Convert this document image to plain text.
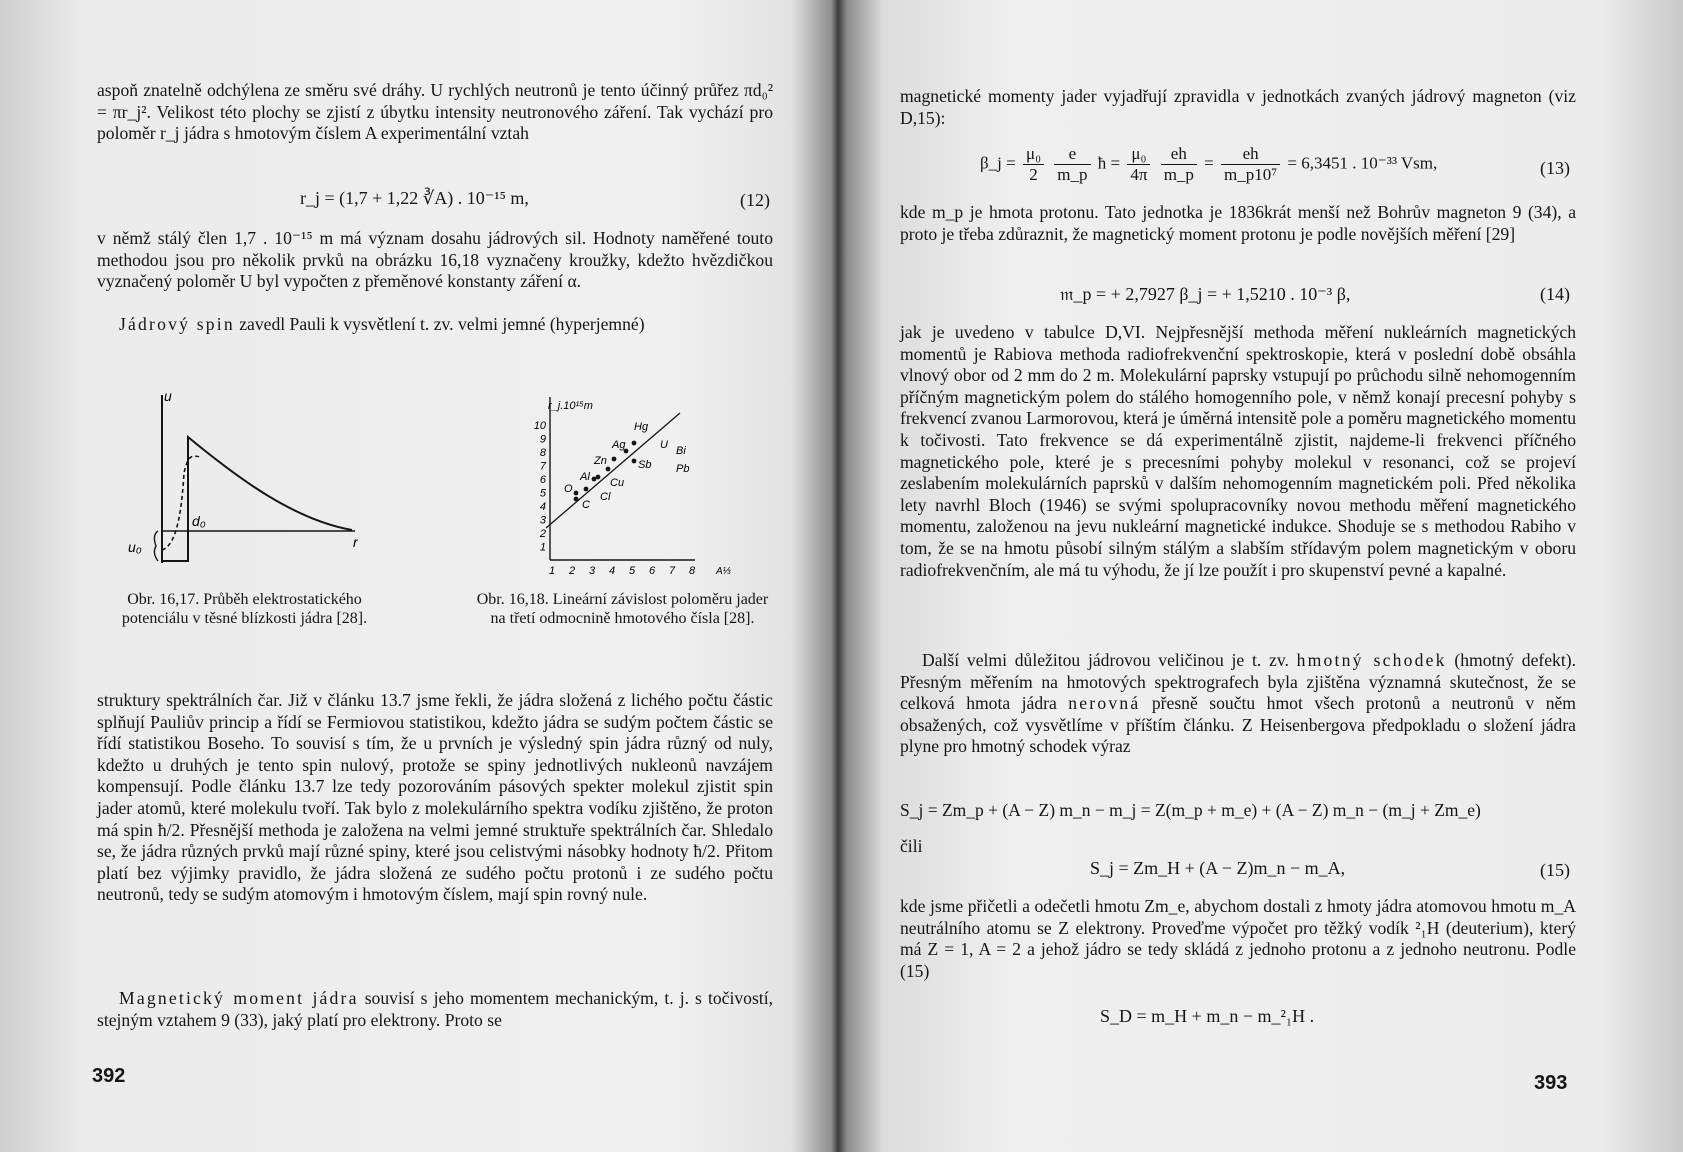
aspoň znatelně odchýlena ze směru své dráhy. U rychlých neutronů je tento účinný průřez πd₀² = πr_j². Velikost této plochy se zjistí z úbytku intensity neutronového záření. Tak vychází pro poloměr r_j jádra s hmotovým číslem A experimentální vztah
r_j = (1,7 + 1,22 ∛A) . 10⁻¹⁵ m,	(12)
v němž stálý člen 1,7 . 10⁻¹⁵ m má význam dosahu jádrových sil. Hodnoty naměřené touto methodou jsou pro několik prvků na obrázku 16,18 vyznačeny kroužky, kdežto hvězdičkou vyznačený poloměr U byl vypočten z přeměnové konstanty záření α.
Jádrový spin zavedl Pauli k vysvětlení t. zv. velmi jemné (hyperjemné)
u
u₀
d₀
r	1
2
3
4
5
6
7
8
9
10
1 2 3 4 5 6 7 8 A⅓
r_j.10¹⁵m
Hg
U Bi
Pb
Ag
Sb
Zn
Al Cu
O
Cl
C
Obr. 16,17. Průběh elektrostatického potenciálu v těsné blízkosti jádra [28].
Obr. 16,18. Lineární závislost poloměru jader na třetí odmocnině hmotového čísla [28].
struktury spektrálních čar. Již v článku 13.7 jsme řekli, že jádra složená z lichého počtu částic splňují Pauliův princip a řídí se Fermiovou statistikou, kdežto jádra se sudým počtem částic se řídí statistikou Boseho. To souvisí s tím, že u prvních je výsledný spin jádra různý od nuly, kdežto u druhých je tento spin nulový, protože se spiny jednotlivých nukleonů navzájem kompensují. Podle článku 13.7 lze tedy pozorováním pásových spekter molekul zjistit spin jader atomů, které molekulu tvoří. Tak bylo z molekulárního spektra vodíku zjištěno, že proton má spin ħ/2. Přesnější methoda je založena na velmi jemné struktuře spektrálních čar. Shledalo se, že jádra různých prvků mají různé spiny, které jsou celistvými násobky hodnoty ħ/2. Přitom platí bez výjimky pravidlo, že jádra složená ze sudého počtu protonů i ze sudého počtu neutronů, tedy se sudým atomovým i hmotovým číslem, mají spin rovný nule.
Magnetický moment jádra souvisí s jeho momentem mechanickým, t. j. s točivostí, stejným vztahem 9 (33), jaký platí pro elektrony. Proto se
392
magnetické momenty jader vyjadřují zpravidla v jednotkách zvaných jádrový magneton (viz D,15):
β_j = $\frac{\text{μ₀}}{2}$
$\frac{e}{m\_p}$ ħ = $\frac{\text{μ₀}}{4\pi}$
$\frac{eh}{m\_p} = \frac{eh}{\text{m\_p10⁷}} = 6,3451$ . 10⁻³³ Vsm,	(13)
kde m_p je hmota protonu. Tato jednotka je 1836krát menší než Bohrův magneton 9 (34), a proto je třeba zdůraznit, že magnetický moment protonu je podle novějších měření [29]
𝔪_p = + 2,7927 β_j = + 1,5210 . 10⁻³ β,	(14)
jak je uvedeno v tabulce D,VI. Nejpřesnější methoda měření nukleárních magnetických momentů je Rabiova methoda radiofrekvenční spektroskopie, která v poslední době obsáhla vlnový obor od 2 mm do 2 m. Molekulární paprsky vstupují po průchodu silně nehomogenním příčným magnetickým polem do stálého homogenního pole, v němž konají precesní pohyby s frekvencí zvanou Larmorovou, která je úměrná intensitě pole a poměru magnetického momentu k točivosti. Tato frekvence se dá experimentálně zjistit, najdeme-li frekvenci příčného magnetického pole, které je s precesními pohyby molekul v resonanci, což se projeví zeslabením molekulárních paprsků v dalším nehomogenním magnetickém poli. Před několika lety navrhl Bloch (1946) se svými spolupracovníky novou methodu měření magnetického momentu, založenou na jevu nukleární magnetické indukce. Shoduje se s methodou Rabiho v tom, že se na hmotu působí silným stálým a slabším střídavým polem magnetickým v oboru radiofrekvenčním, ale má tu výhodu, že jí lze použít i pro skupenství pevné a kapalné.
Další velmi důležitou jádrovou veličinou je t. zv. hmotný schodek (hmotný defekt). Přesným měřením na hmotových spektrografech byla zjištěna významná skutečnost, že se celková hmota jádra nerovná přesně součtu hmot všech protonů a neutronů v něm obsažených, což vysvětlíme v příštím článku. Z Heisenbergova předpokladu o složení jádra plyne pro hmotný schodek výraz
S_j = Zm_p + (A − Z) m_n − m_j = Z(m_p + m_e) + (A − Z) m_n − (m_j + Zm_e)
čili
S_j = Zm_H + (A − Z)m_n − m_A,	(15)
kde jsme přičetli a odečetli hmotu Zm_e, abychom dostali z hmoty jádra atomovou hmotu m_A neutrálního atomu se Z elektrony. Proveďme výpočet pro těžký vodík ²₁H (deuterium), který má Z = 1, A = 2 a jehož jádro se tedy skládá z jednoho protonu a z jednoho neutronu. Podle (15)
S_D = m_H + m_n − m_²₁H .
393
